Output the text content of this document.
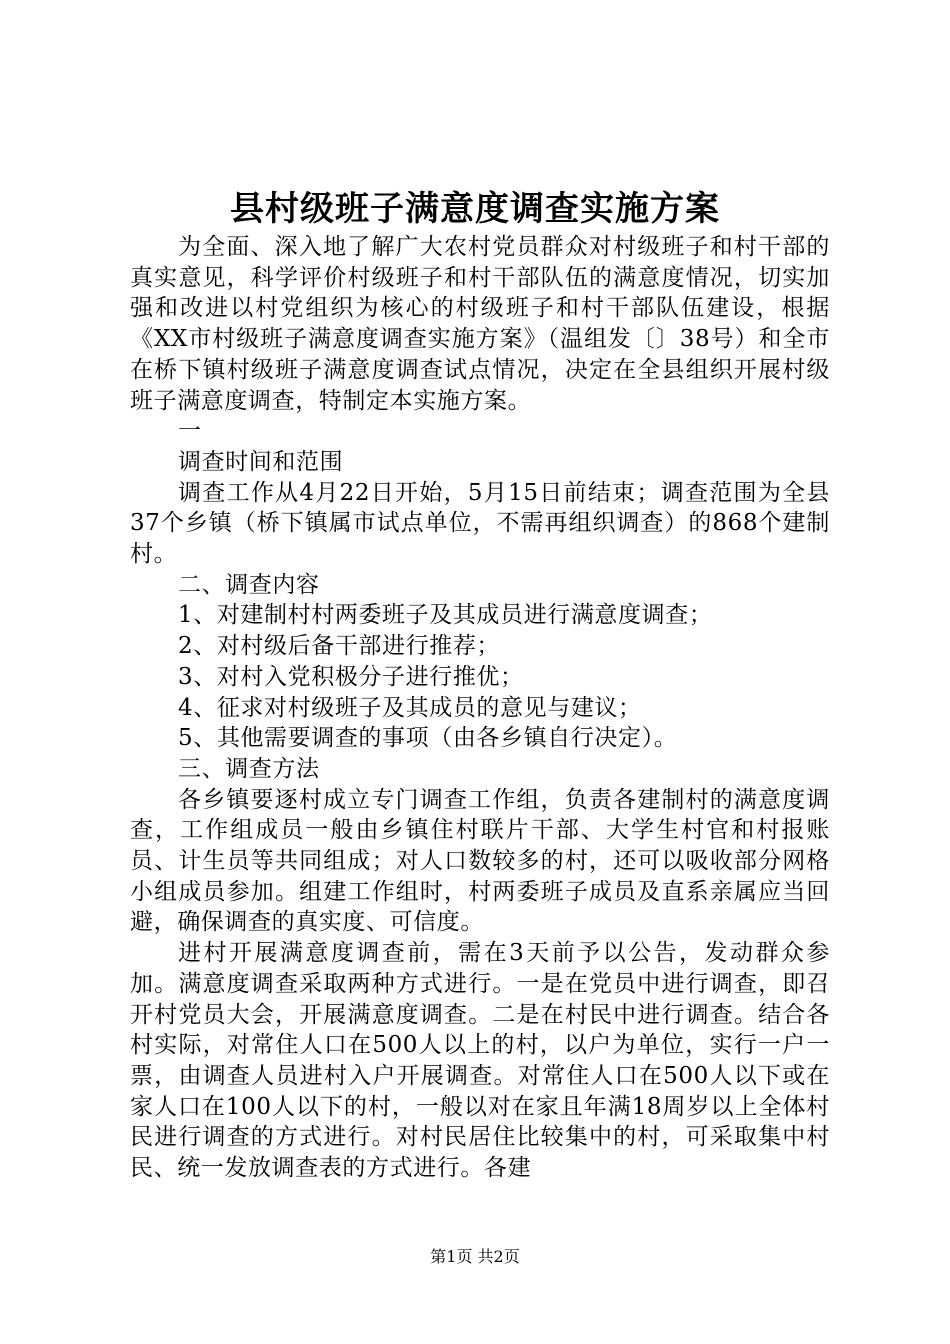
县村级班子满意度调查实施方案

为全面、深入地了解广大农村党员群众对村级班子和村干部的真实意见，科学评价村级班子和村干部队伍的满意度情况，切实加强和改进以村党组织为核心的村级班子和村干部队伍建设，根据《XX市村级班子满意度调查实施方案》（温组发〔〕38号）和全市在桥下镇村级班子满意度调查试点情况，决定在全县组织开展村级班子满意度调查，特制定本实施方案。

一

调查时间和范围

调查工作从4月22日开始，5月15日前结束；调查范围为全县37个乡镇（桥下镇属市试点单位，不需再组织调查）的868个建制村。

二、调查内容

1、对建制村村两委班子及其成员进行满意度调查；

2、对村级后备干部进行推荐；

3、对村入党积极分子进行推优；

4、征求对村级班子及其成员的意见与建议；

5、其他需要调查的事项（由各乡镇自行决定）。

三、调查方法

各乡镇要逐村成立专门调查工作组，负责各建制村的满意度调查，工作组成员一般由乡镇住村联片干部、大学生村官和村报账员、计生员等共同组成；对人口数较多的村，还可以吸收部分网格小组成员参加。组建工作组时，村两委班子成员及直系亲属应当回避，确保调查的真实度、可信度。

进村开展满意度调查前，需在3天前予以公告，发动群众参加。满意度调查采取两种方式进行。一是在党员中进行调查，即召开村党员大会，开展满意度调查。二是在村民中进行调查。结合各村实际，对常住人口在500人以上的村，以户为单位，实行一户一票，由调查人员进村入户开展调查。对常住人口在500人以下或在家人口在100人以下的村，一般以对在家且年满18周岁以上全体村民进行调查的方式进行。对村民居住比较集中的村，可采取集中村民、统一发放调查表的方式进行。各建

第1页 共2页
